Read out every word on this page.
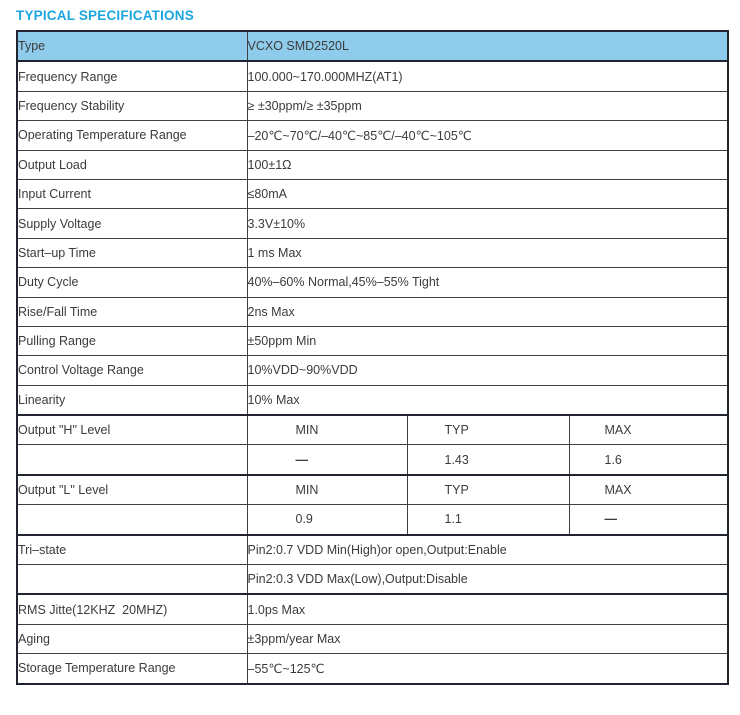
TYPICAL SPECIFICATIONS
Type	VCXO SMD2520L		
Frequency Range	100.000~170.000MHZ(AT1)		
Frequency Stability	≥ ±30ppm/≥ ±35ppm		
Operating Temperature Range	–20℃~70℃/–40℃~85℃/–40℃~105℃		
Output Load	100±1Ω		
Input Current	≤80mA		
Supply Voltage	3.3V±10%		
Start–up Time	1 ms Max		
Duty Cycle	40%–60% Normal,45%–55% Tight		
Rise/Fall Time	2ns Max		
Pulling Range	±50ppm Min		
Control Voltage Range	10%VDD~90%VDD		
Linearity	10% Max		
Output "H" Level	MIN	TYP	MAX
	—	1.43	1.6
Output "L" Level	MIN	TYP	MAX
	0.9	1.1	—
Tri–state	Pin2:0.7 VDD Min(High)or open,Output:Enable		
	Pin2:0.3 VDD Max(Low),Output:Disable		
RMS Jitte(12KHZ  20MHZ)	1.0ps Max		
Aging	±3ppm/year Max		
Storage Temperature Range	–55℃~125℃		
